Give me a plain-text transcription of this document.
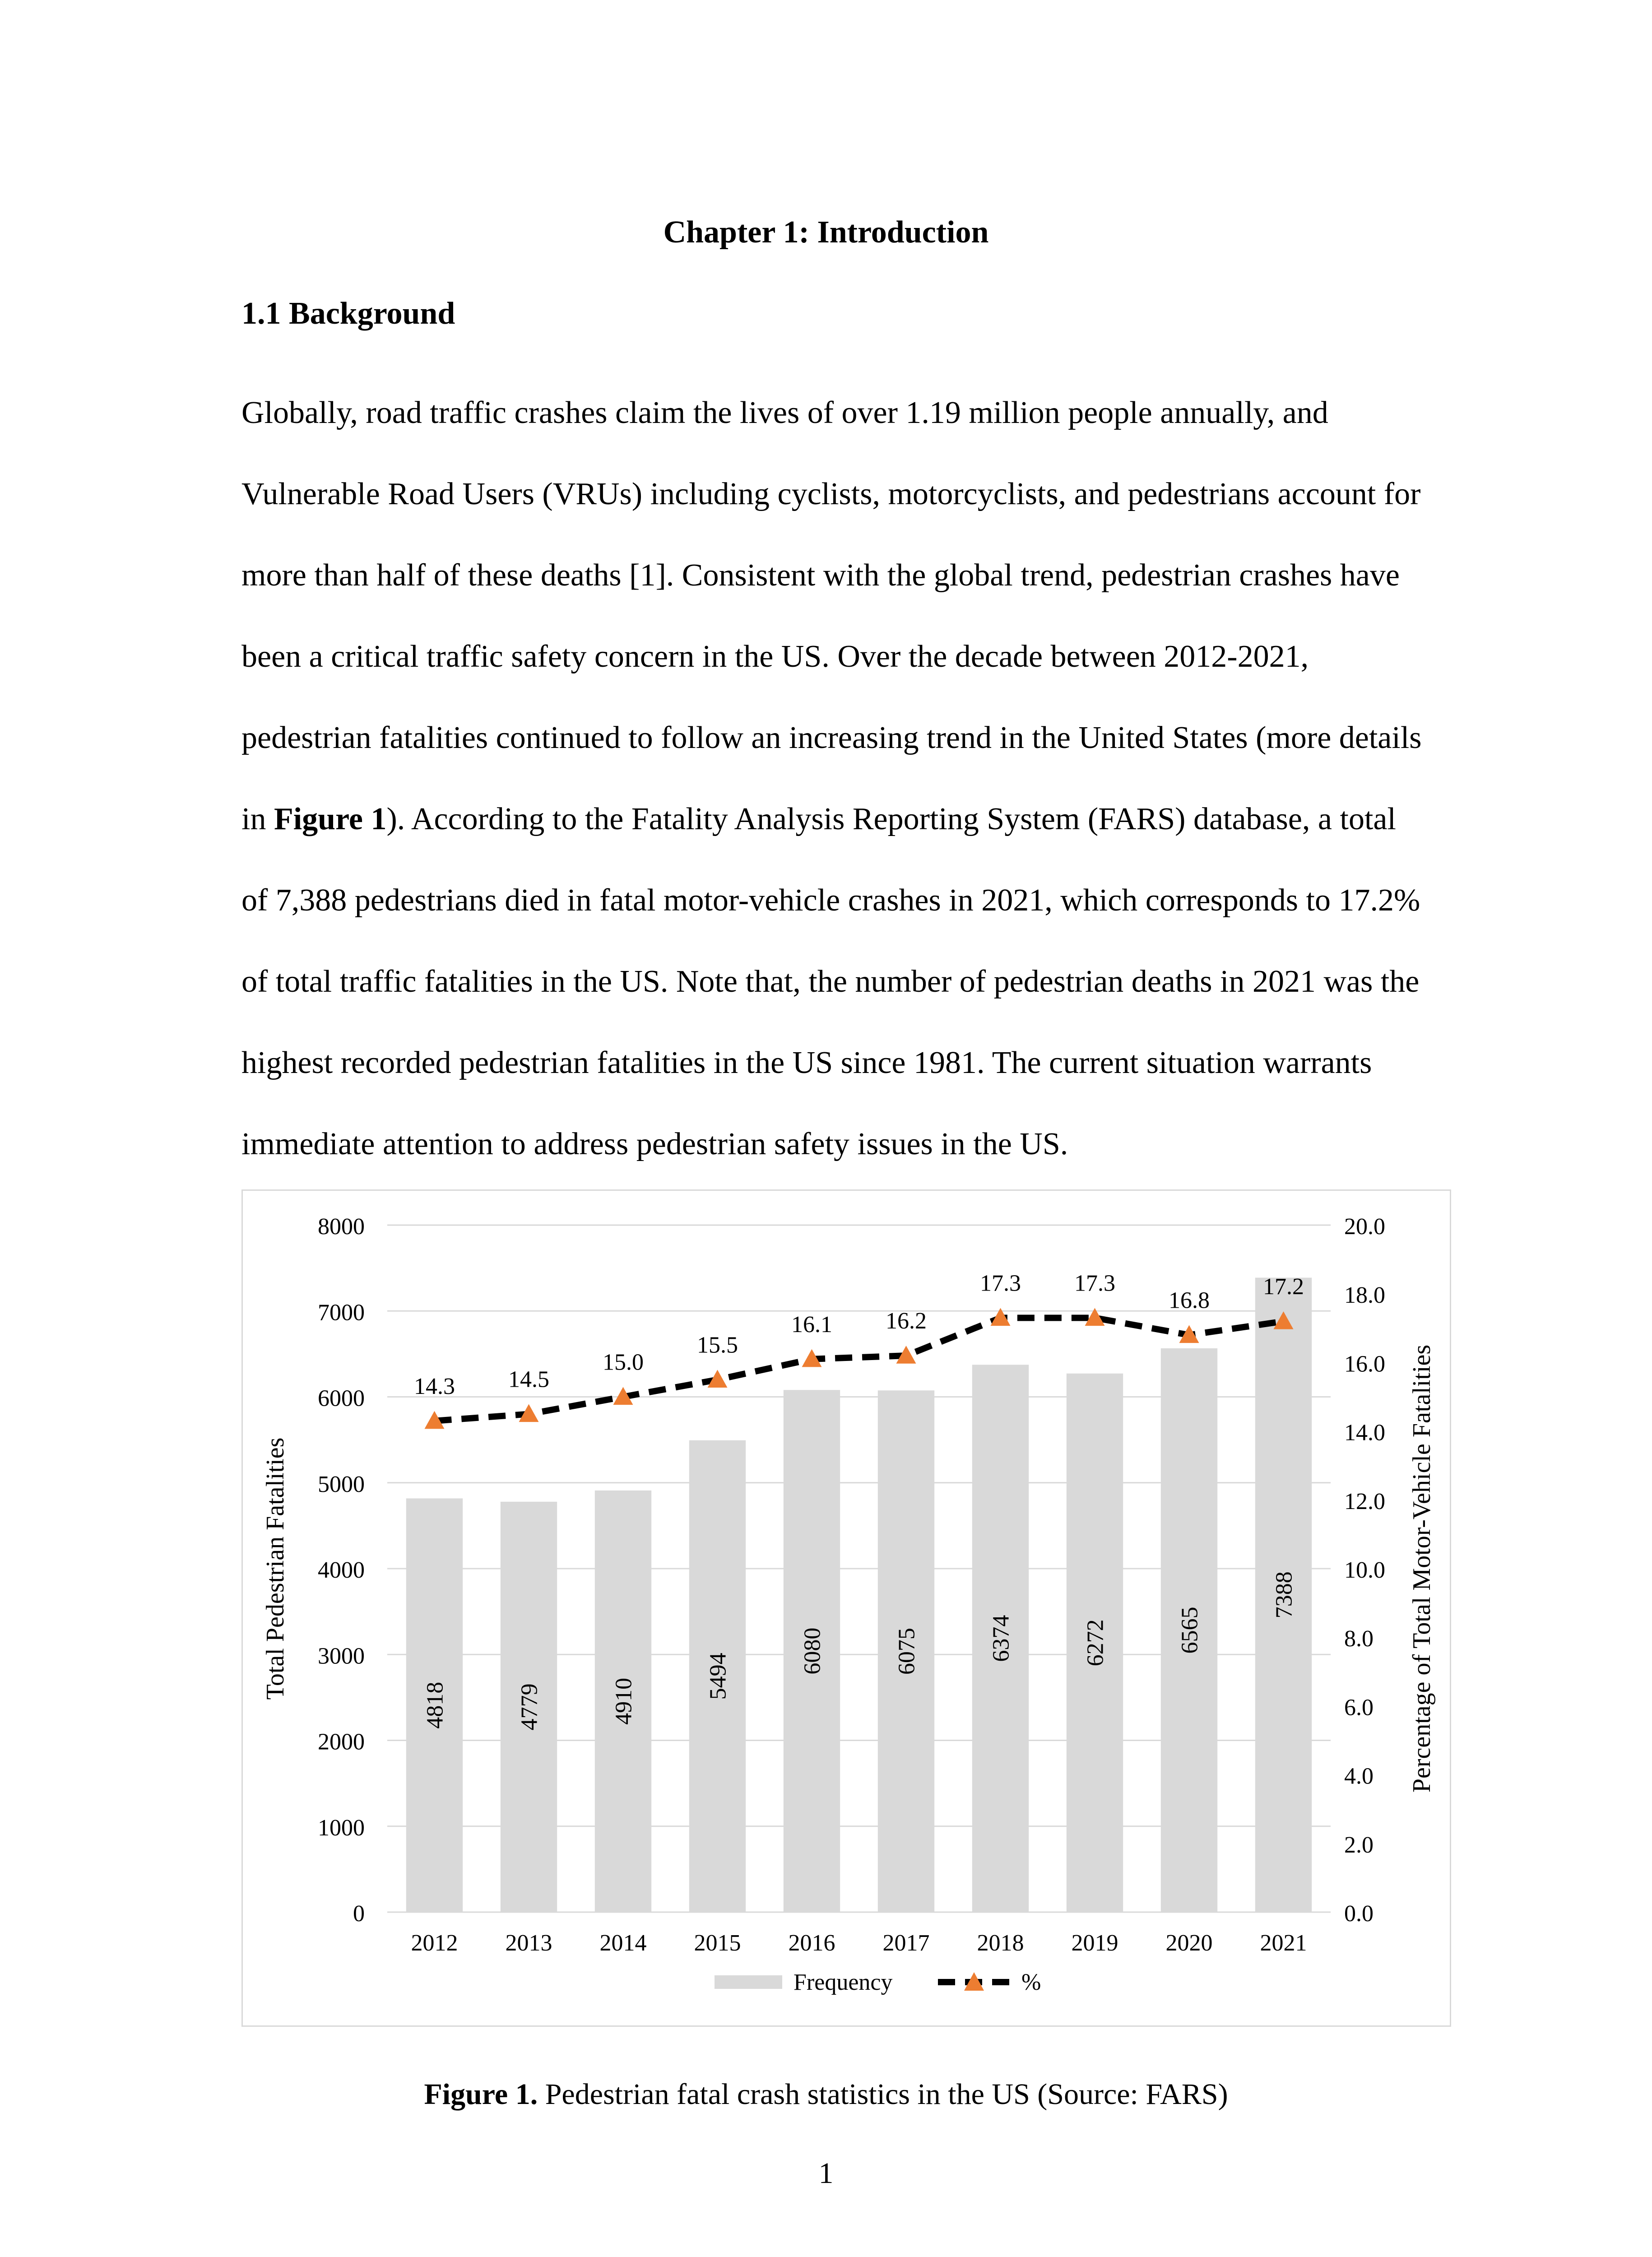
Chapter 1: Introduction
1.1 Background

Globally, road traffic crashes claim the lives of over 1.19 million people annually, and
Vulnerable Road Users (VRUs) including cyclists, motorcyclists, and pedestrians account for
more than half of these deaths [1]. Consistent with the global trend, pedestrian crashes have
been a critical traffic safety concern in the US. Over the decade between 2012-2021,
pedestrian fatalities continued to follow an increasing trend in the United States (more details
in Figure 1). According to the Fatality Analysis Reporting System (FARS) database, a total
of 7,388 pedestrians died in fatal motor-vehicle crashes in 2021, which corresponds to 17.2%
of total traffic fatalities in the US. Note that, the number of pedestrian deaths in 2021 was the
highest recorded pedestrian fatalities in the US since 1981. The current situation warrants
immediate attention to address pedestrian safety issues in the US.

0
1000
2000
3000
4000
5000
6000
7000
8000
0.0
2.0
4.0
6.0
8.0
10.0
12.0
14.0
16.0
18.0
20.0
4818	4779	4910
5494
6080	6075	6374	6272	6565
7388
2012 2013 2014 2015 2016 2017 2018 2019 2020 2021
14.3 14.5
15.0
15.5
16.1 16.2
17.3 17.3
16.8
17.2
Total Pedestrian Fatalities	Percentage of Total Motor-Vehicle Fatalities
Frequency	%

Figure 1. Pedestrian fatal crash statistics in the US (Source: FARS)

1
